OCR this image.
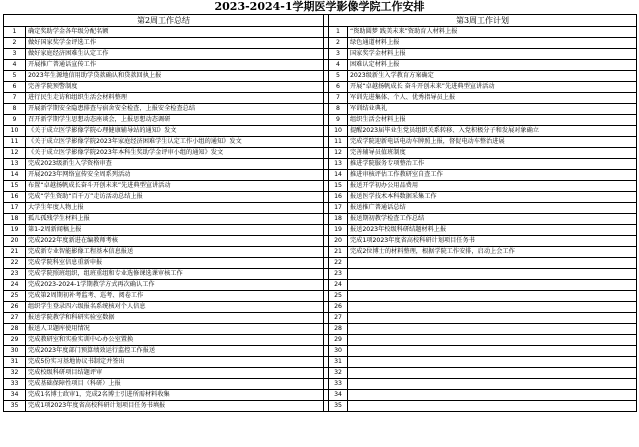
2023-2024-1学期医学影像学院工作安排
第2周工作总结			第3周工作计划	
1	确定奖助学金各年级分配名额		1	“资助圆梦 践美未来”资助育人材料上报
2	做好国家奖学金评选工作		2	绿色通道材料上报
3	做好家庭经济困难生认定工作		3	国家奖学金材料上报
4	开展推广普通话宣传工作		4	困难认定材料上报
5	2023年生源地信用助学贷款确认和贷款回执上报		5	2023级新生入学教育方案确定
6	完善学院预警制度		6	开展“卓越扬帆成长 奋斗开创未来”先进典型宣讲活动
7	进行民生走访和组织生活会材料整理		7	军训先进集体、个人、优秀指导员上报
8	开展新学期安全隐患排查与宿舍安全检查，上报安全检查总结		8	军训结业典礼
9	召开新学期学生思想动态座谈会，上报思想动态调研		9	组织生活会材料上报
10	《关于成立医学影像学院心理健康辅导站的通知》发文		10	提醒2023届毕业生党员组织关系转移、入党积极分子和发展对象确立
11	《关于成立医学影像学院2023年家庭经济困难学生认定工作小组的通知》发文		11	完成学院迎新电话电动车牌照上报，督促电动车整治进展
12	《关于成立医学影像学院2023年本科生奖助学金评审小组的通知》发文		12	完善辅导员值班制度
13	完成2023级新生入学资格审查		13	推进学院服务专项整治工作
14	开展2023年网络宣传安全周系列活动		14	推进审核评估工作教研室自查工作
15	布置“卓越扬帆成长奋斗开创未来”先进典型宣讲活动		15	报送开学初办公用品费用
16	完成“学生资助“百千万”走访活动总结上报		16	报送医学技术本科数据采集工作
17	大学生年度人物上报		17	报送推广普通话总结
18	孤儿孤残学生材料上报		18	报送期初教学检查工作总结
19	第1-2周新闻稿上报		19	报送2023年校级科研结题材料上报
20	完成2022年度新进在编教师考核		20	完成1项2023年度省高校科研计划项目任务书
21	完成新专业智能影像工程基本信息报送		21	完成2位博士的材料整理，根据学院工作安排，启动上会工作
22	完成学院科室信息重新申报		22	
23	完成学院照班组织，组班重组和专业选修课选课审核工作		23	
24	完成2023-2024-1学期教学方式再次确认工作		24	
25	完成第2周期初补考监考、巡考、阅卷工作		25	
26	组织学生登录四六级报名系统核对个人信息		26	
27	报送学院教学和科研实验室数据		27	
28	报送人卫题库使用情况		28	
29	完成教研室和实验实训中心办公室置换		29	
30	完成2023年度部门预算绩效运行监控工作报送		30	
31	完成5份实习基地协议书制定并签出		31	
32	完成校级科研项目结题评审		32	
33	完成基础保障性项目（科研）上报		33	
34	完成1名博士政审1，完成2名博士引进所需材料收集		34	
35	完成1项2023年度省高校科研计划项目任务书填报		35	
